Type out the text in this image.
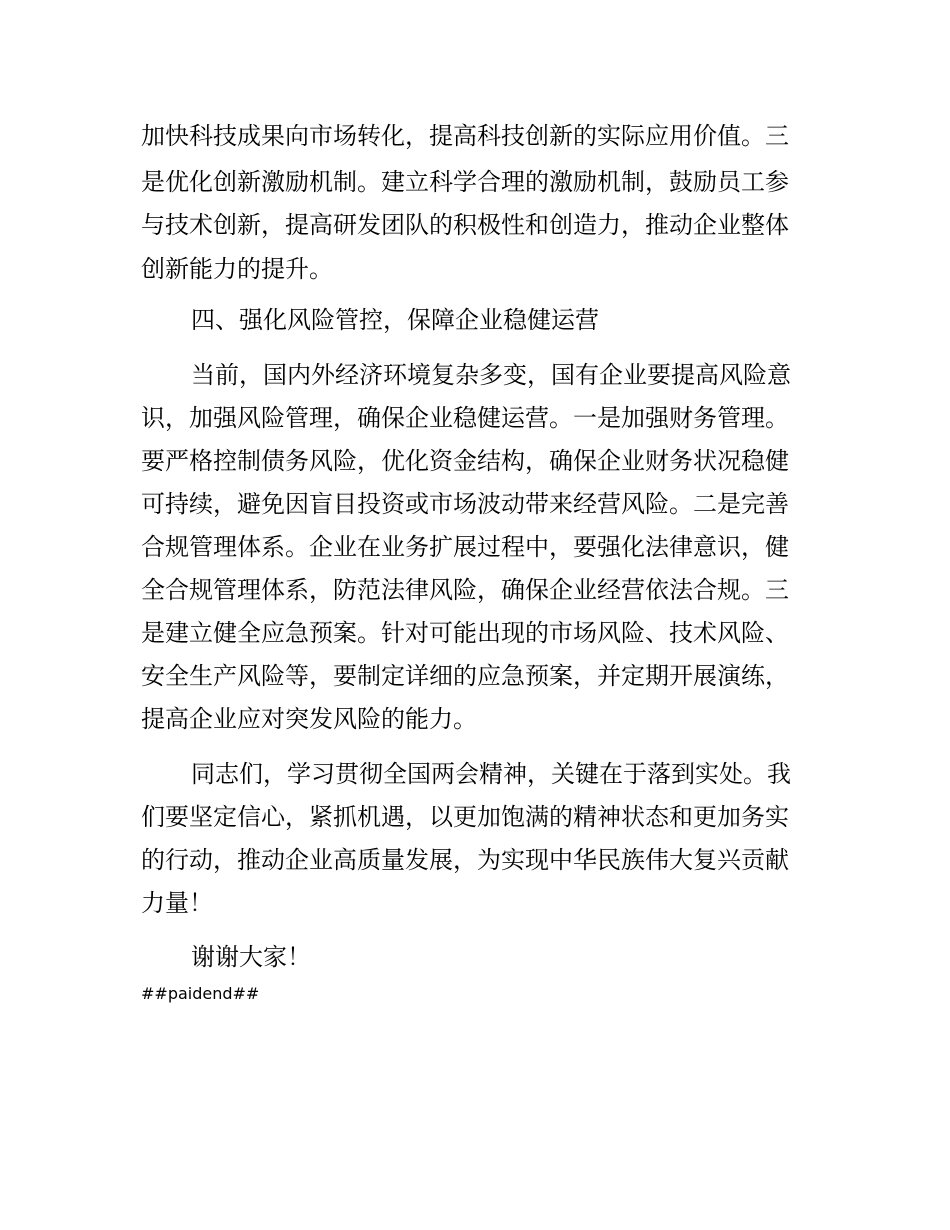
加快科技成果向市场转化，提高科技创新的实际应用价值。三
是优化创新激励机制。建立科学合理的激励机制，鼓励员工参
与技术创新，提高研发团队的积极性和创造力，推动企业整体
创新能力的提升。
四、强化风险管控，保障企业稳健运营
当前，国内外经济环境复杂多变，国有企业要提高风险意
识，加强风险管理，确保企业稳健运营。一是加强财务管理。
要严格控制债务风险，优化资金结构，确保企业财务状况稳健
可持续，避免因盲目投资或市场波动带来经营风险。二是完善
合规管理体系。企业在业务扩展过程中，要强化法律意识，健
全合规管理体系，防范法律风险，确保企业经营依法合规。三
是建立健全应急预案。针对可能出现的市场风险、技术风险、
安全生产风险等，要制定详细的应急预案，并定期开展演练，
提高企业应对突发风险的能力。
同志们，学习贯彻全国两会精神，关键在于落到实处。我
们要坚定信心，紧抓机遇，以更加饱满的精神状态和更加务实
的行动，推动企业高质量发展，为实现中华民族伟大复兴贡献
力量！
谢谢大家！
##paidend##
